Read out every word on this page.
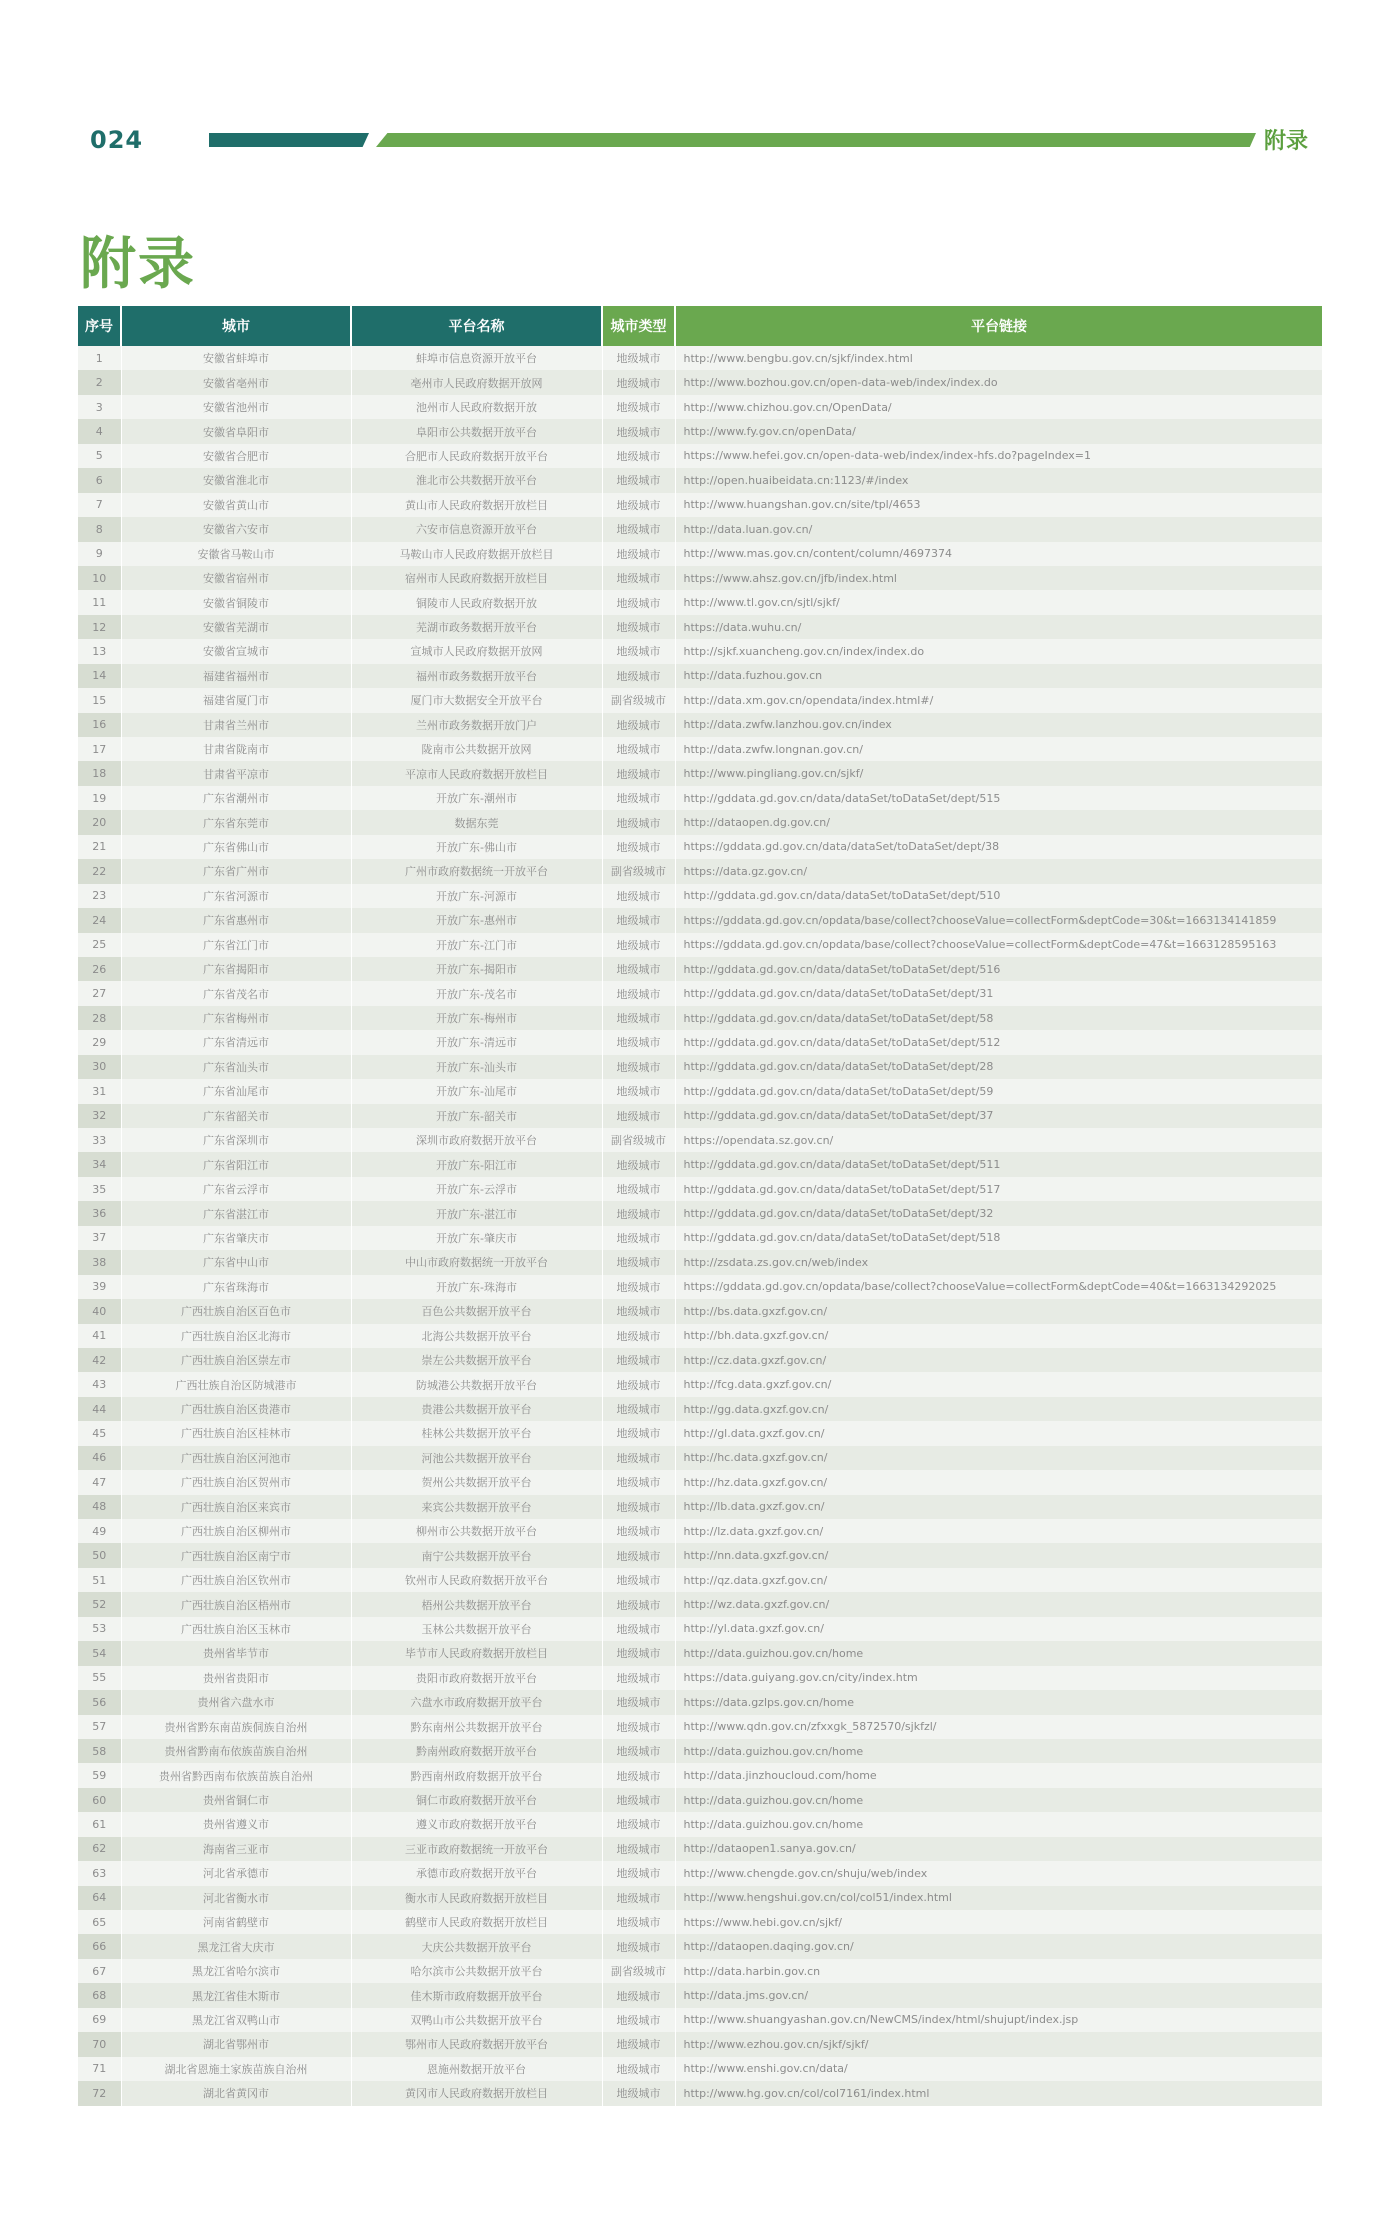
024	附录
附录
序号	城市	平台名称	城市类型	平台链接
1	安徽省蚌埠市	蚌埠市信息资源开放平台	地级城市	http://www.bengbu.gov.cn/sjkf/index.html
2	安徽省亳州市	亳州市人民政府数据开放网	地级城市	http://www.bozhou.gov.cn/open-data-web/index/index.do
3	安徽省池州市	池州市人民政府数据开放	地级城市	http://www.chizhou.gov.cn/OpenData/
4	安徽省阜阳市	阜阳市公共数据开放平台	地级城市	http://www.fy.gov.cn/openData/
5	安徽省合肥市	合肥市人民政府数据开放平台	地级城市	https://www.hefei.gov.cn/open-data-web/index/index-hfs.do?pageIndex=1
6	安徽省淮北市	淮北市公共数据开放平台	地级城市	http://open.huaibeidata.cn:1123/#/index
7	安徽省黄山市	黄山市人民政府数据开放栏目	地级城市	http://www.huangshan.gov.cn/site/tpl/4653
8	安徽省六安市	六安市信息资源开放平台	地级城市	http://data.luan.gov.cn/
9	安徽省马鞍山市	马鞍山市人民政府数据开放栏目	地级城市	http://www.mas.gov.cn/content/column/4697374
10	安徽省宿州市	宿州市人民政府数据开放栏目	地级城市	https://www.ahsz.gov.cn/jfb/index.html
11	安徽省铜陵市	铜陵市人民政府数据开放	地级城市	http://www.tl.gov.cn/sjtl/sjkf/
12	安徽省芜湖市	芜湖市政务数据开放平台	地级城市	https://data.wuhu.cn/
13	安徽省宣城市	宣城市人民政府数据开放网	地级城市	http://sjkf.xuancheng.gov.cn/index/index.do
14	福建省福州市	福州市政务数据开放平台	地级城市	http://data.fuzhou.gov.cn
15	福建省厦门市	厦门市大数据安全开放平台	副省级城市	http://data.xm.gov.cn/opendata/index.html#/
16	甘肃省兰州市	兰州市政务数据开放门户	地级城市	http://data.zwfw.lanzhou.gov.cn/index
17	甘肃省陇南市	陇南市公共数据开放网	地级城市	http://data.zwfw.longnan.gov.cn/
18	甘肃省平凉市	平凉市人民政府数据开放栏目	地级城市	http://www.pingliang.gov.cn/sjkf/
19	广东省潮州市	开放广东-潮州市	地级城市	http://gddata.gd.gov.cn/data/dataSet/toDataSet/dept/515
20	广东省东莞市	数据东莞	地级城市	http://dataopen.dg.gov.cn/
21	广东省佛山市	开放广东-佛山市	地级城市	https://gddata.gd.gov.cn/data/dataSet/toDataSet/dept/38
22	广东省广州市	广州市政府数据统一开放平台	副省级城市	https://data.gz.gov.cn/
23	广东省河源市	开放广东-河源市	地级城市	http://gddata.gd.gov.cn/data/dataSet/toDataSet/dept/510
24	广东省惠州市	开放广东-惠州市	地级城市	https://gddata.gd.gov.cn/opdata/base/collect?chooseValue=collectForm&deptCode=30&t=1663134141859
25	广东省江门市	开放广东-江门市	地级城市	https://gddata.gd.gov.cn/opdata/base/collect?chooseValue=collectForm&deptCode=47&t=1663128595163
26	广东省揭阳市	开放广东-揭阳市	地级城市	http://gddata.gd.gov.cn/data/dataSet/toDataSet/dept/516
27	广东省茂名市	开放广东-茂名市	地级城市	http://gddata.gd.gov.cn/data/dataSet/toDataSet/dept/31
28	广东省梅州市	开放广东-梅州市	地级城市	http://gddata.gd.gov.cn/data/dataSet/toDataSet/dept/58
29	广东省清远市	开放广东-清远市	地级城市	http://gddata.gd.gov.cn/data/dataSet/toDataSet/dept/512
30	广东省汕头市	开放广东-汕头市	地级城市	http://gddata.gd.gov.cn/data/dataSet/toDataSet/dept/28
31	广东省汕尾市	开放广东-汕尾市	地级城市	http://gddata.gd.gov.cn/data/dataSet/toDataSet/dept/59
32	广东省韶关市	开放广东-韶关市	地级城市	http://gddata.gd.gov.cn/data/dataSet/toDataSet/dept/37
33	广东省深圳市	深圳市政府数据开放平台	副省级城市	https://opendata.sz.gov.cn/
34	广东省阳江市	开放广东-阳江市	地级城市	http://gddata.gd.gov.cn/data/dataSet/toDataSet/dept/511
35	广东省云浮市	开放广东-云浮市	地级城市	http://gddata.gd.gov.cn/data/dataSet/toDataSet/dept/517
36	广东省湛江市	开放广东-湛江市	地级城市	http://gddata.gd.gov.cn/data/dataSet/toDataSet/dept/32
37	广东省肇庆市	开放广东-肇庆市	地级城市	http://gddata.gd.gov.cn/data/dataSet/toDataSet/dept/518
38	广东省中山市	中山市政府数据统一开放平台	地级城市	http://zsdata.zs.gov.cn/web/index
39	广东省珠海市	开放广东-珠海市	地级城市	https://gddata.gd.gov.cn/opdata/base/collect?chooseValue=collectForm&deptCode=40&t=1663134292025
40	广西壮族自治区百色市	百色公共数据开放平台	地级城市	http://bs.data.gxzf.gov.cn/
41	广西壮族自治区北海市	北海公共数据开放平台	地级城市	http://bh.data.gxzf.gov.cn/
42	广西壮族自治区崇左市	崇左公共数据开放平台	地级城市	http://cz.data.gxzf.gov.cn/
43	广西壮族自治区防城港市	防城港公共数据开放平台	地级城市	http://fcg.data.gxzf.gov.cn/
44	广西壮族自治区贵港市	贵港公共数据开放平台	地级城市	http://gg.data.gxzf.gov.cn/
45	广西壮族自治区桂林市	桂林公共数据开放平台	地级城市	http://gl.data.gxzf.gov.cn/
46	广西壮族自治区河池市	河池公共数据开放平台	地级城市	http://hc.data.gxzf.gov.cn/
47	广西壮族自治区贺州市	贺州公共数据开放平台	地级城市	http://hz.data.gxzf.gov.cn/
48	广西壮族自治区来宾市	来宾公共数据开放平台	地级城市	http://lb.data.gxzf.gov.cn/
49	广西壮族自治区柳州市	柳州市公共数据开放平台	地级城市	http://lz.data.gxzf.gov.cn/
50	广西壮族自治区南宁市	南宁公共数据开放平台	地级城市	http://nn.data.gxzf.gov.cn/
51	广西壮族自治区钦州市	钦州市人民政府数据开放平台	地级城市	http://qz.data.gxzf.gov.cn/
52	广西壮族自治区梧州市	梧州公共数据开放平台	地级城市	http://wz.data.gxzf.gov.cn/
53	广西壮族自治区玉林市	玉林公共数据开放平台	地级城市	http://yl.data.gxzf.gov.cn/
54	贵州省毕节市	毕节市人民政府数据开放栏目	地级城市	http://data.guizhou.gov.cn/home
55	贵州省贵阳市	贵阳市政府数据开放平台	地级城市	https://data.guiyang.gov.cn/city/index.htm
56	贵州省六盘水市	六盘水市政府数据开放平台	地级城市	https://data.gzlps.gov.cn/home
57	贵州省黔东南苗族侗族自治州	黔东南州公共数据开放平台	地级城市	http://www.qdn.gov.cn/zfxxgk_5872570/sjkfzl/
58	贵州省黔南布依族苗族自治州	黔南州政府数据开放平台	地级城市	http://data.guizhou.gov.cn/home
59	贵州省黔西南布依族苗族自治州	黔西南州政府数据开放平台	地级城市	http://data.jinzhoucloud.com/home
60	贵州省铜仁市	铜仁市政府数据开放平台	地级城市	http://data.guizhou.gov.cn/home
61	贵州省遵义市	遵义市政府数据开放平台	地级城市	http://data.guizhou.gov.cn/home
62	海南省三亚市	三亚市政府数据统一开放平台	地级城市	http://dataopen1.sanya.gov.cn/
63	河北省承德市	承德市政府数据开放平台	地级城市	http://www.chengde.gov.cn/shuju/web/index
64	河北省衡水市	衡水市人民政府数据开放栏目	地级城市	http://www.hengshui.gov.cn/col/col51/index.html
65	河南省鹤壁市	鹤壁市人民政府数据开放栏目	地级城市	https://www.hebi.gov.cn/sjkf/
66	黑龙江省大庆市	大庆公共数据开放平台	地级城市	http://dataopen.daqing.gov.cn/
67	黑龙江省哈尔滨市	哈尔滨市公共数据开放平台	副省级城市	http://data.harbin.gov.cn
68	黑龙江省佳木斯市	佳木斯市政府数据开放平台	地级城市	http://data.jms.gov.cn/
69	黑龙江省双鸭山市	双鸭山市公共数据开放平台	地级城市	http://www.shuangyashan.gov.cn/NewCMS/index/html/shujupt/index.jsp
70	湖北省鄂州市	鄂州市人民政府数据开放平台	地级城市	http://www.ezhou.gov.cn/sjkf/sjkf/
71	湖北省恩施土家族苗族自治州	恩施州数据开放平台	地级城市	http://www.enshi.gov.cn/data/
72	湖北省黄冈市	黄冈市人民政府数据开放栏目	地级城市	http://www.hg.gov.cn/col/col7161/index.html
